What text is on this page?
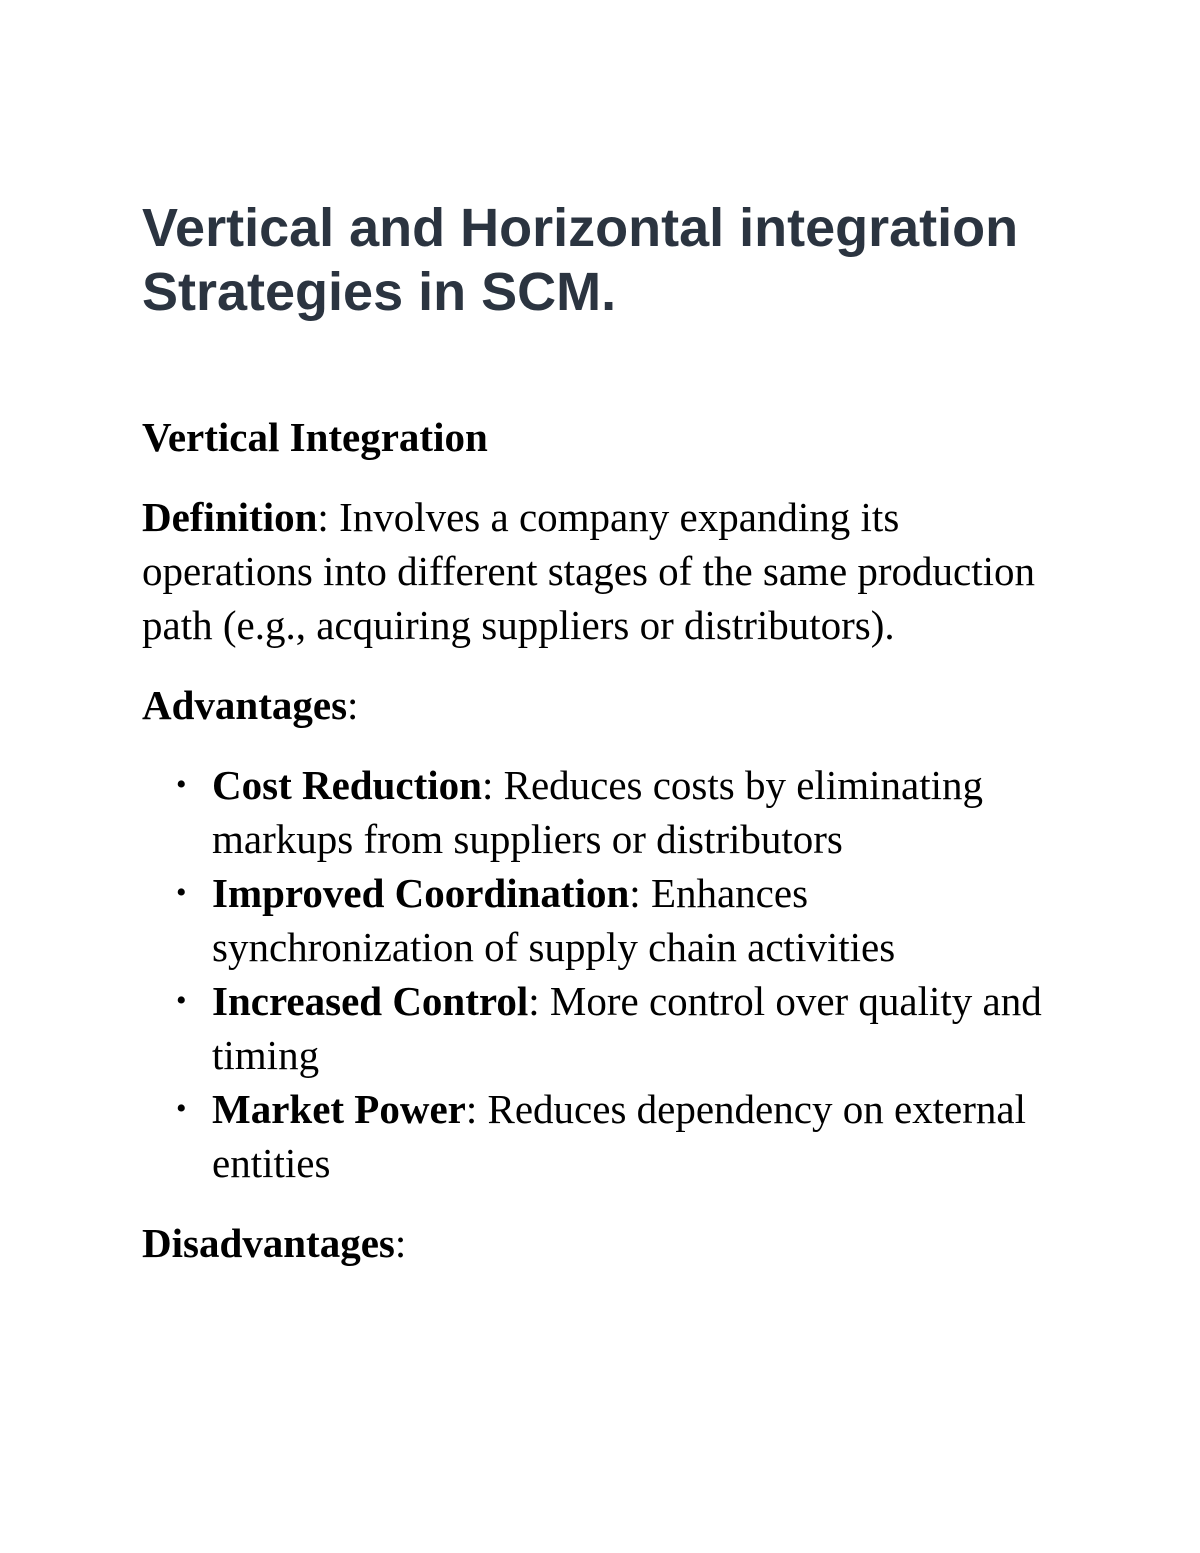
Vertical and Horizontal integration Strategies in SCM.
Vertical Integration

Definition: Involves a company expanding its operations into different stages of the same production path (e.g., acquiring suppliers or distributors).

Advantages:

• Cost Reduction: Reduces costs by eliminating markups from suppliers or distributors
• Improved Coordination: Enhances synchronization of supply chain activities
• Increased Control: More control over quality and timing
• Market Power: Reduces dependency on external entities

Disadvantages:
